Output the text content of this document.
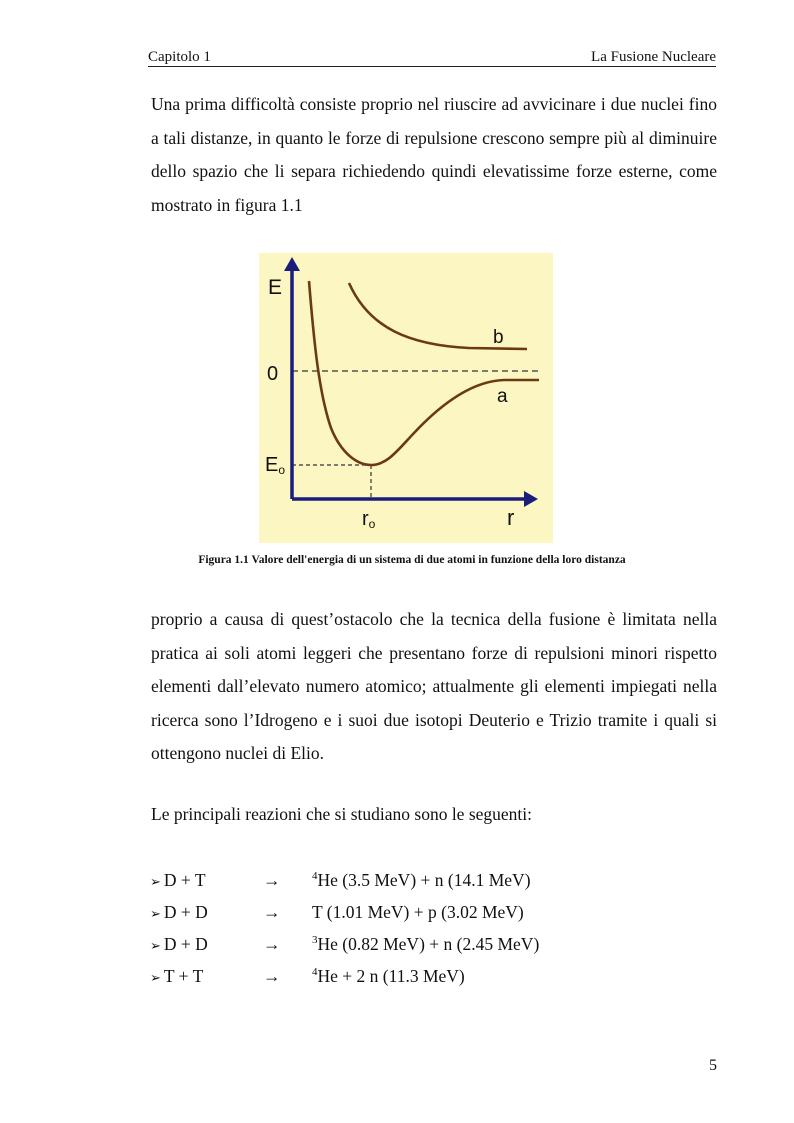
Capitolo 1	La Fusione Nucleare

Una prima difficoltà consiste proprio nel riuscire ad avvicinare i due nuclei fino a tali distanze, in quanto le forze di repulsione crescono sempre più al diminuire dello spazio che li separa richiedendo quindi elevatissime forze esterne, come mostrato in figura 1.1

E
0
Eo
ro	r
a
b
Figura 1.1 Valore dell'energia di un sistema di due atomi in funzione della loro distanza

proprio a causa di quest’ostacolo che la tecnica della fusione è limitata nella pratica ai soli atomi leggeri che presentano forze di repulsioni minori rispetto elementi dall’elevato numero atomico; attualmente gli elementi impiegati nella ricerca sono l’Idrogeno e i suoi due isotopi Deuterio e Trizio tramite i quali si ottengono nuclei di Elio.

Le principali reazioni che si studiano sono le seguenti:

➢ D + T	→	$^4$He (3.5 MeV) + n (14.1 MeV)
➢ D + D	→	T (1.01 MeV) + p (3.02 MeV)
➢ D + D	→	$^3$He (0.82 MeV) + n (2.45 MeV)
➢ T + T	→	$^4$He + 2 n (11.3 MeV)
5
